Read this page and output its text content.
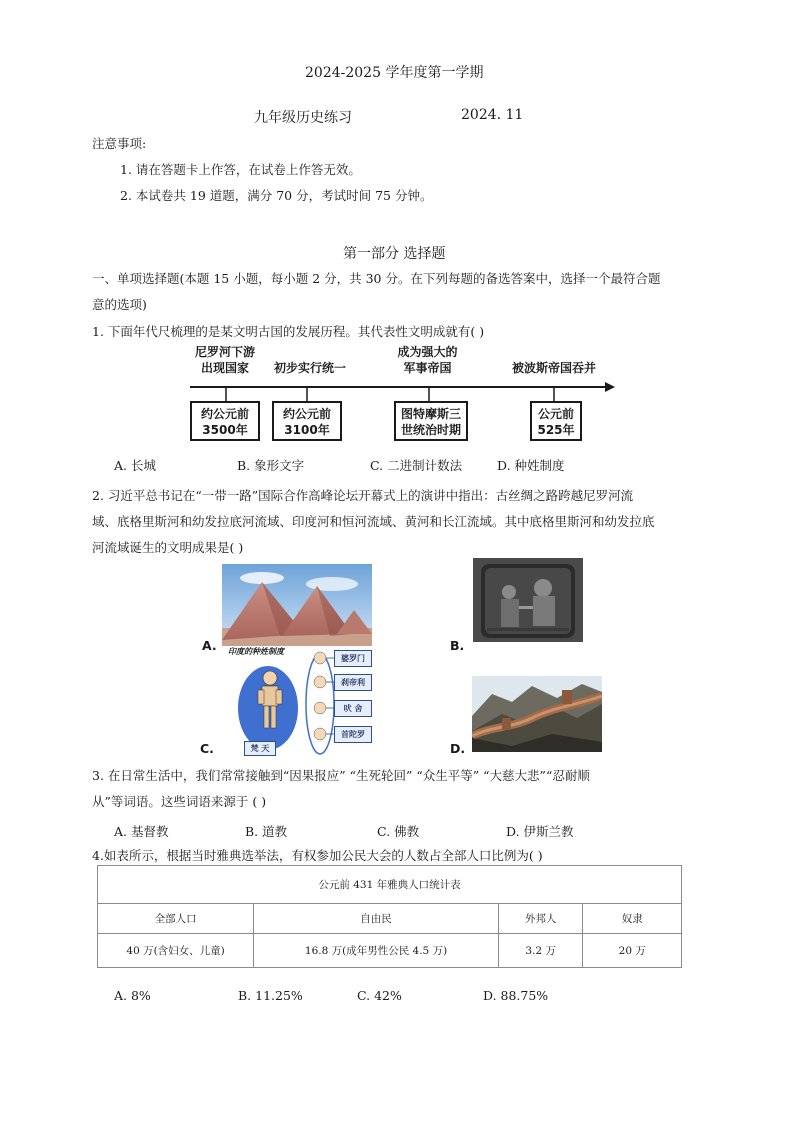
2024-2025 学年度第一学期
九年级历史练习	2024. 11
注意事项:
1. 请在答题卡上作答，在试卷上作答无效。
2. 本试卷共 19 道题，满分 70 分，考试时间 75 分钟。
第一部分 选择题
一、单项选择题(本题 15 小题，每小题 2 分，共 30 分。在下列每题的备选答案中，选择一个最符合题
意的选项)
1. 下面年代尺梳理的是某文明古国的发展历程。其代表性文明成就有( )
尼罗河下游
出现国家	初步实行统一
成为强大的
军事帝国	被波斯帝国吞并
约公元前
3500年
约公元前
3100年
图特摩斯三
世统治时期
公元前
525年
A. 长城	B. 象形文字	C. 二进制计数法	D. 种姓制度
2. 习近平总书记在“一带一路”国际合作高峰论坛开幕式上的演讲中指出：古丝绸之路跨越尼罗河流
域、底格里斯河和幼发拉底河流域、印度河和恒河流域、黄河和长江流域。其中底格里斯河和幼发拉底
河流域诞生的文明成果是( )
A.	B.
印度的种姓制度
婆罗门
刹帝利
吠 舍
首陀罗
梵 天
C.	D.
3. 在日常生活中，我们常常接触到“因果报应” “生死轮回” “众生平等” “大慈大悲”“忍耐顺
从”等词语。这些词语来源于 ( )
A. 基督教	B. 道教	C. 佛教	D. 伊斯兰教
4.如表所示，根据当时雅典选举法，有权参加公民大会的人数占全部人口比例为( )
公元前 431 年雅典人口统计表			
全部人口	自由民	外邦人	奴隶
40 万(含妇女、儿童)	16.8 万(成年男性公民 4.5 万)	3.2 万	20 万
A. 8%	B. 11.25%	C. 42%	D. 88.75%
